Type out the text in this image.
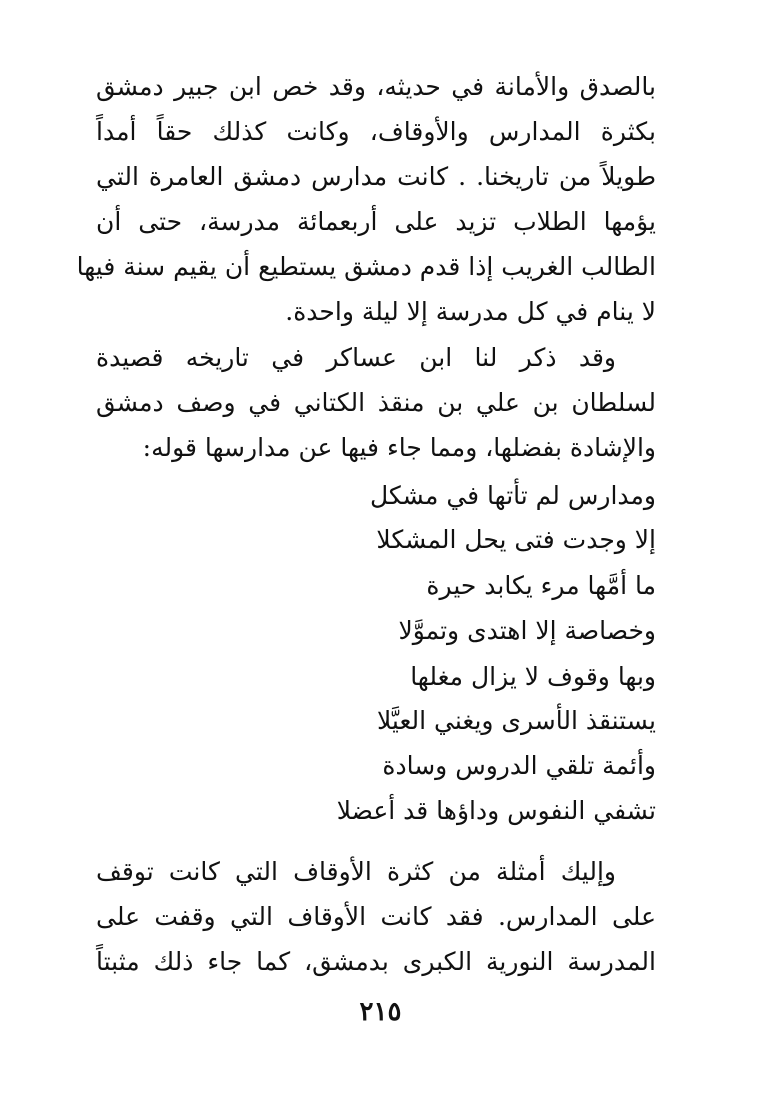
بالصدق والأمانة في حديثه، وقد خص ابن جبير دمشق
بكثرة المدارس والأوقاف، وكانت كذلك حقاً أمداً
طويلاً من تاريخنا. . كانت مدارس دمشق العامرة التي
يؤمها الطلاب تزيد على أربعمائة مدرسة، حتى أن
الطالب الغريب إذا قدم دمشق يستطيع أن يقيم سنة فيها
لا ينام في كل مدرسة إلا ليلة واحدة.
وقد ذكر لنا ابن عساكر في تاريخه قصيدة
لسلطان بن علي بن منقذ الكتاني في وصف دمشق
والإشادة بفضلها، ومما جاء فيها عن مدارسها قوله:
ومدارس لم تأتها في مشكل
إلا وجدت فتى يحل المشكلا
ما أمَّها مرء يكابد حيرة
وخصاصة إلا اهتدى وتموَّلا
وبها وقوف لا يزال مغلها
يستنقذ الأسرى ويغني العيَّلا
وأئمة تلقي الدروس وسادة
تشفي النفوس وداؤها قد أعضلا
وإليك أمثلة من كثرة الأوقاف التي كانت توقف
على المدارس. فقد كانت الأوقاف التي وقفت على
المدرسة النورية الكبرى بدمشق، كما جاء ذلك مثبتاً
٢١٥
